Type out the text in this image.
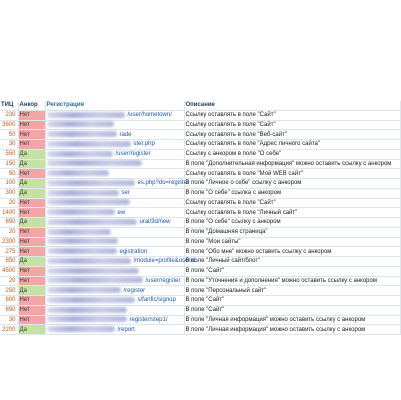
ТИЦ	Анкор	Регистрация	Описание
230	Нет	/user/hometown/	Ссылку оставлять в поле "Сайт"
3600	Нет		Ссылку оставлять в поле "Сайт"
50	Нет	rade	Ссылку оставлять в поле "Веб-сайт"
30	Нет	ster.php	Ссылку оставлять в поле "Адрес личного сайта"
550	Да	/user/register	Ссылку с анкором в поле "О себе"
150	Да		В поле "Дополнительная информация" можно оставить ссылку с анкором
50	Нет		Ссылку оставлять в поле "Мой WEB сайт"
100	Да	es.php?do=register	В поле "Личное о себе" ссылку с анкором
300	Да	ser	В поле "О себе" ссылка с анкором
20	Нет		Ссылку оставлять в поле "Сайт"
1400	Нет	ew	Ссылку оставлять в поле "Личный сайт"
850	Да	ural/3d/new	В поле "О себе" ссылку с анкором
20	Нет		В поле "Домашняя страница"
2300	Нет		В поле "Мои сайты"
275	Нет	egistration	В поле "Обо мне" можно оставить ссылку с анкором
850	Да	/module=profile&userid	В поле "Личный сайт/блог"
4500	Нет		В поле "Сайт"
20	Нет	/user/register	В поле "Уточнения и дополнения" можно оставить ссылку с анкором
250	Да	/register	В поле "Персональный сайт"
800	Нет	s/fanfic/signup	В поле "Сайт"
850	Нет		В поле "Сайт"
30	Нет	register/step1/	В поле "Личная информация" можно оставить ссылку с анкором
2200	Да	/report	В поле "Личная информация" можно оставить ссылку с анкором
